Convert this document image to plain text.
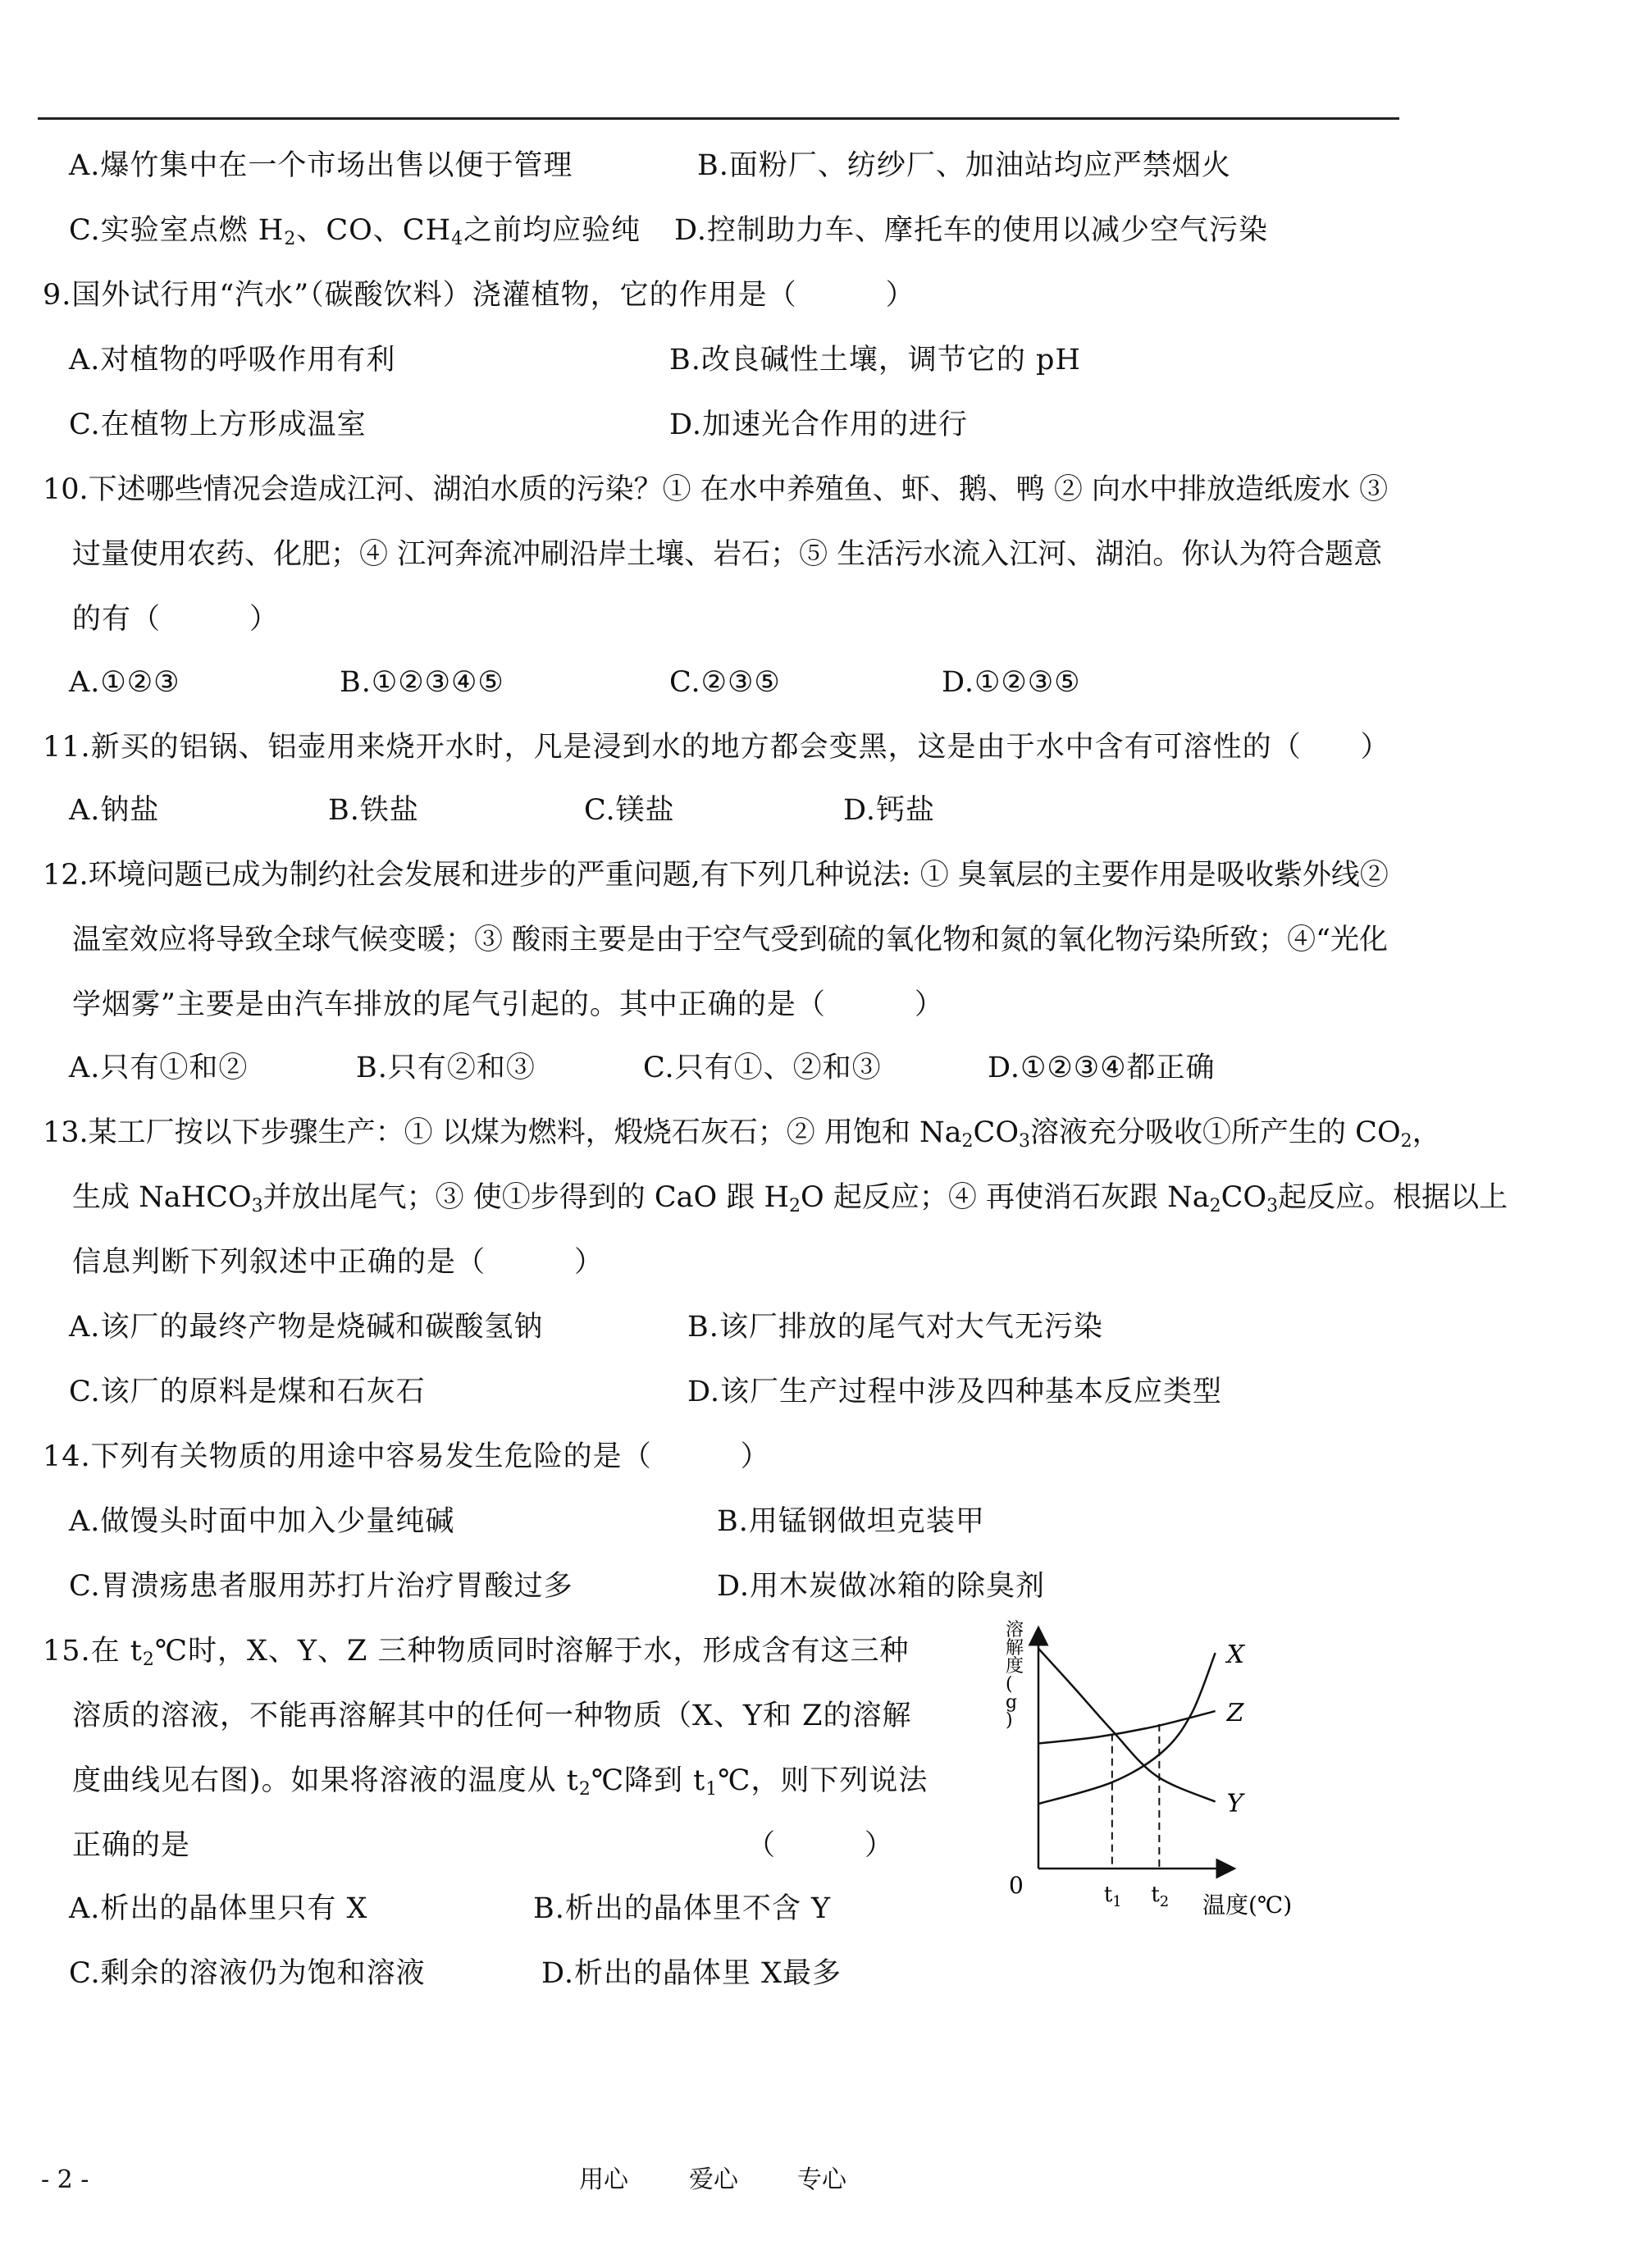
A.爆竹集中在一个市场出售以便于管理	B.面粉厂、纺纱厂、加油站均应严禁烟火
C.实验室点燃 $H_2$、CO、$CH_4$之前均应验纯 D.控制助力车、摩托车的使用以减少空气污染
9.国外试行用“汽水”（碳酸饮料）浇灌植物，它的作用是（　　　）
A.对植物的呼吸作用有利	B.改良碱性土壤，调节它的 pH
C.在植物上方形成温室	D.加速光合作用的进行
10.下述哪些情况会造成江河、湖泊水质的污染？① 在水中养殖鱼、虾、鹅、鸭 ② 向水中排放造纸废水 ③
过量使用农药、化肥；④ 江河奔流冲刷沿岸土壤、岩石；⑤ 生活污水流入江河、湖泊。你认为符合题意
的有（　　　）
A.①②③	B.①②③④⑤	C.②③⑤	D.①②③⑤
11.新买的铝锅、铝壶用来烧开水时，凡是浸到水的地方都会变黑，这是由于水中含有可溶性的（　　）
A.钠盐	B.铁盐	C.镁盐	D.钙盐
12.环境问题已成为制约社会发展和进步的严重问题,有下列几种说法: ① 臭氧层的主要作用是吸收紫外线②
温室效应将导致全球气候变暖；③ 酸雨主要是由于空气受到硫的氧化物和氮的氧化物污染所致；④“光化
学烟雾”主要是由汽车排放的尾气引起的。其中正确的是（　　　）
A.只有①和②	B.只有②和③	C.只有①、②和③	D.①②③④都正确
13.某工厂按以下步骤生产：① 以煤为燃料，煅烧石灰石；② 用饱和 $Na_2CO_3$溶液充分吸收①所产生的 $CO_2$，
生成 NaHCO$_3$并放出尾气；③ 使①步得到的 CaO 跟 $H_2O$ 起反应；④ 再使消石灰跟 $Na_2CO_3$起反应。根据以上
信息判断下列叙述中正确的是（　　　）
A.该厂的最终产物是烧碱和碳酸氢钠	B.该厂排放的尾气对大气无污染
C.该厂的原料是煤和石灰石	D.该厂生产过程中涉及四种基本反应类型
14.下列有关物质的用途中容易发生危险的是（　　　）
A.做馒头时面中加入少量纯碱	B.用锰钢做坦克装甲
C.胃溃疡患者服用苏打片治疗胃酸过多	D.用木炭做冰箱的除臭剂
15.在 $t_2℃$时，X、Y、Z 三种物质同时溶解于水，形成含有这三种
溶质的溶液，不能再溶解其中的任何一种物质（X、Y和 Z的溶解
度曲线见右图)。如果将溶液的温度从 $t_2℃$降到 $t_1℃$，则下列说法
正确的是	（　　　）
A.析出的晶体里只有 X	B.析出的晶体里不含 Y
C.剩余的溶液仍为饱和溶液	D.析出的晶体里 X最多
溶
解
度
(
g
)
0
温度(℃)
X
Z
Y
$t_1$ $t_2$
- 2 -	用心 爱心 专心
